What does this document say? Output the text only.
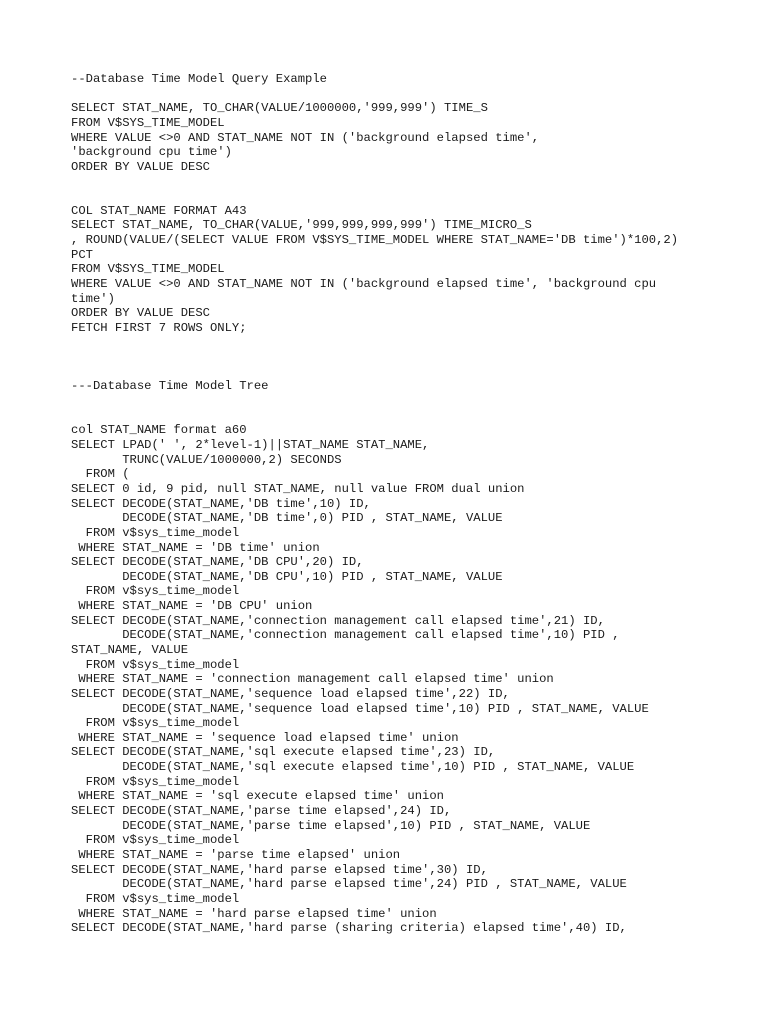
--Database Time Model Query Example
SELECT STAT_NAME, TO_CHAR(VALUE/1000000,'999,999') TIME_S
FROM V$SYS_TIME_MODEL
WHERE VALUE <>0 AND STAT_NAME NOT IN ('background elapsed time',
'background cpu time')
ORDER BY VALUE DESC
COL STAT_NAME FORMAT A43
SELECT STAT_NAME, TO_CHAR(VALUE,'999,999,999,999') TIME_MICRO_S
, ROUND(VALUE/(SELECT VALUE FROM V$SYS_TIME_MODEL WHERE STAT_NAME='DB time')*100,2)
PCT
FROM V$SYS_TIME_MODEL
WHERE VALUE <>0 AND STAT_NAME NOT IN ('background elapsed time', 'background cpu
time')
ORDER BY VALUE DESC
FETCH FIRST 7 ROWS ONLY;
---Database Time Model Tree
col STAT_NAME format a60
SELECT LPAD(' ', 2*level-1)||STAT_NAME STAT_NAME,
TRUNC(VALUE/1000000,2) SECONDS
FROM (
SELECT 0 id, 9 pid, null STAT_NAME, null value FROM dual union
SELECT DECODE(STAT_NAME,'DB time',10) ID,
DECODE(STAT_NAME,'DB time',0) PID , STAT_NAME, VALUE
FROM v$sys_time_model
WHERE STAT_NAME = 'DB time' union
SELECT DECODE(STAT_NAME,'DB CPU',20) ID,
DECODE(STAT_NAME,'DB CPU',10) PID , STAT_NAME, VALUE
FROM v$sys_time_model
WHERE STAT_NAME = 'DB CPU' union
SELECT DECODE(STAT_NAME,'connection management call elapsed time',21) ID,
DECODE(STAT_NAME,'connection management call elapsed time',10) PID ,
STAT_NAME, VALUE
FROM v$sys_time_model
WHERE STAT_NAME = 'connection management call elapsed time' union
SELECT DECODE(STAT_NAME,'sequence load elapsed time',22) ID,
DECODE(STAT_NAME,'sequence load elapsed time',10) PID , STAT_NAME, VALUE
FROM v$sys_time_model
WHERE STAT_NAME = 'sequence load elapsed time' union
SELECT DECODE(STAT_NAME,'sql execute elapsed time',23) ID,
DECODE(STAT_NAME,'sql execute elapsed time',10) PID , STAT_NAME, VALUE
FROM v$sys_time_model
WHERE STAT_NAME = 'sql execute elapsed time' union
SELECT DECODE(STAT_NAME,'parse time elapsed',24) ID,
DECODE(STAT_NAME,'parse time elapsed',10) PID , STAT_NAME, VALUE
FROM v$sys_time_model
WHERE STAT_NAME = 'parse time elapsed' union
SELECT DECODE(STAT_NAME,'hard parse elapsed time',30) ID,
DECODE(STAT_NAME,'hard parse elapsed time',24) PID , STAT_NAME, VALUE
FROM v$sys_time_model
WHERE STAT_NAME = 'hard parse elapsed time' union
SELECT DECODE(STAT_NAME,'hard parse (sharing criteria) elapsed time',40) ID,
